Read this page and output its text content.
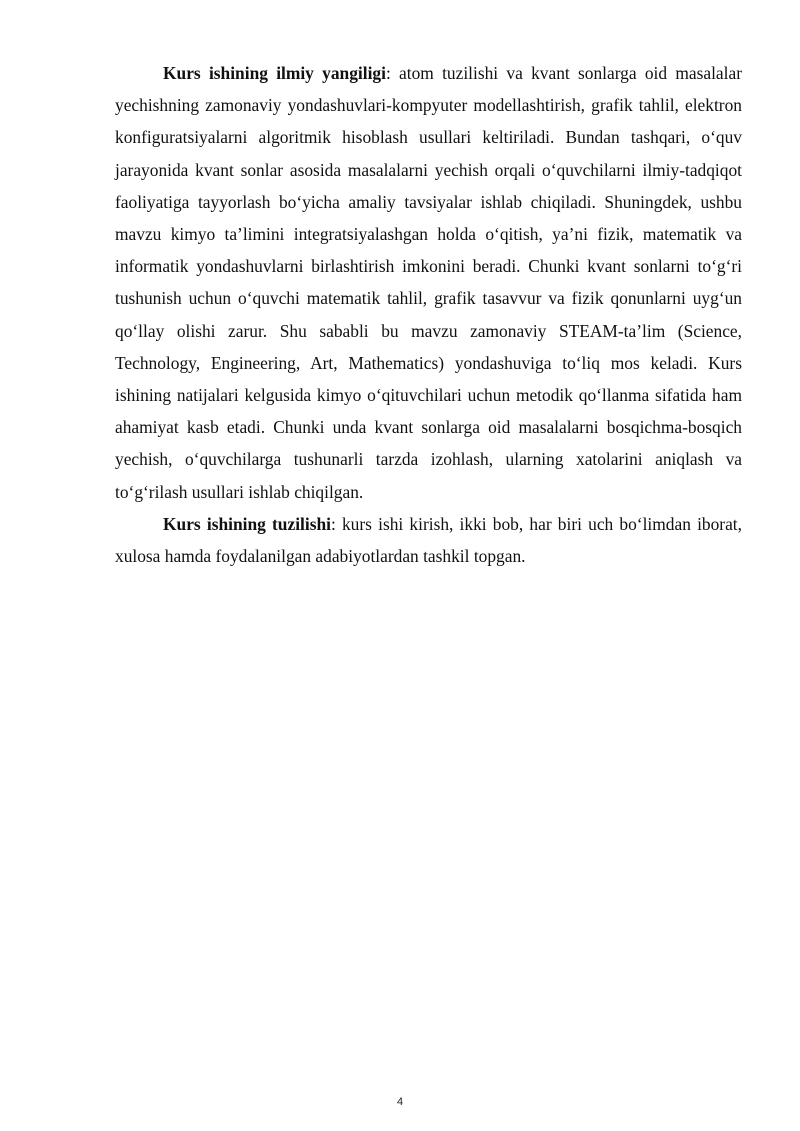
Kurs ishining ilmiy yangiligi: atom tuzilishi va kvant sonlarga oid masalalar yechishning zamonaviy yondashuvlari-kompyuter modellashtirish, grafik tahlil, elektron konfiguratsiyalarni algoritmik hisoblash usullari keltiriladi. Bundan tashqari, o‘quv jarayonida kvant sonlar asosida masalalarni yechish orqali o‘quvchilarni ilmiy-tadqiqot faoliyatiga tayyorlash bo‘yicha amaliy tavsiyalar ishlab chiqiladi. Shuningdek, ushbu mavzu kimyo ta’limini integratsiyalashgan holda o‘qitish, ya’ni fizik, matematik va informatik yondashuvlarni birlashtirish imkonini beradi. Chunki kvant sonlarni to‘g‘ri tushunish uchun o‘quvchi matematik tahlil, grafik tasavvur va fizik qonunlarni uyg‘un qo‘llay olishi zarur. Shu sababli bu mavzu zamonaviy STEAM-ta’lim (Science, Technology, Engineering, Art, Mathematics) yondashuviga to‘liq mos keladi. Kurs ishining natijalari kelgusida kimyo o‘qituvchilari uchun metodik qo‘llanma sifatida ham ahamiyat kasb etadi. Chunki unda kvant sonlarga oid masalalarni bosqichma-bosqich yechish, o‘quvchilarga tushunarli tarzda izohlash, ularning xatolarini aniqlash va to‘g‘rilash usullari ishlab chiqilgan.

Kurs ishining tuzilishi: kurs ishi kirish, ikki bob, har biri uch bo‘limdan iborat, xulosa hamda foydalanilgan adabiyotlardan tashkil topgan.

4
